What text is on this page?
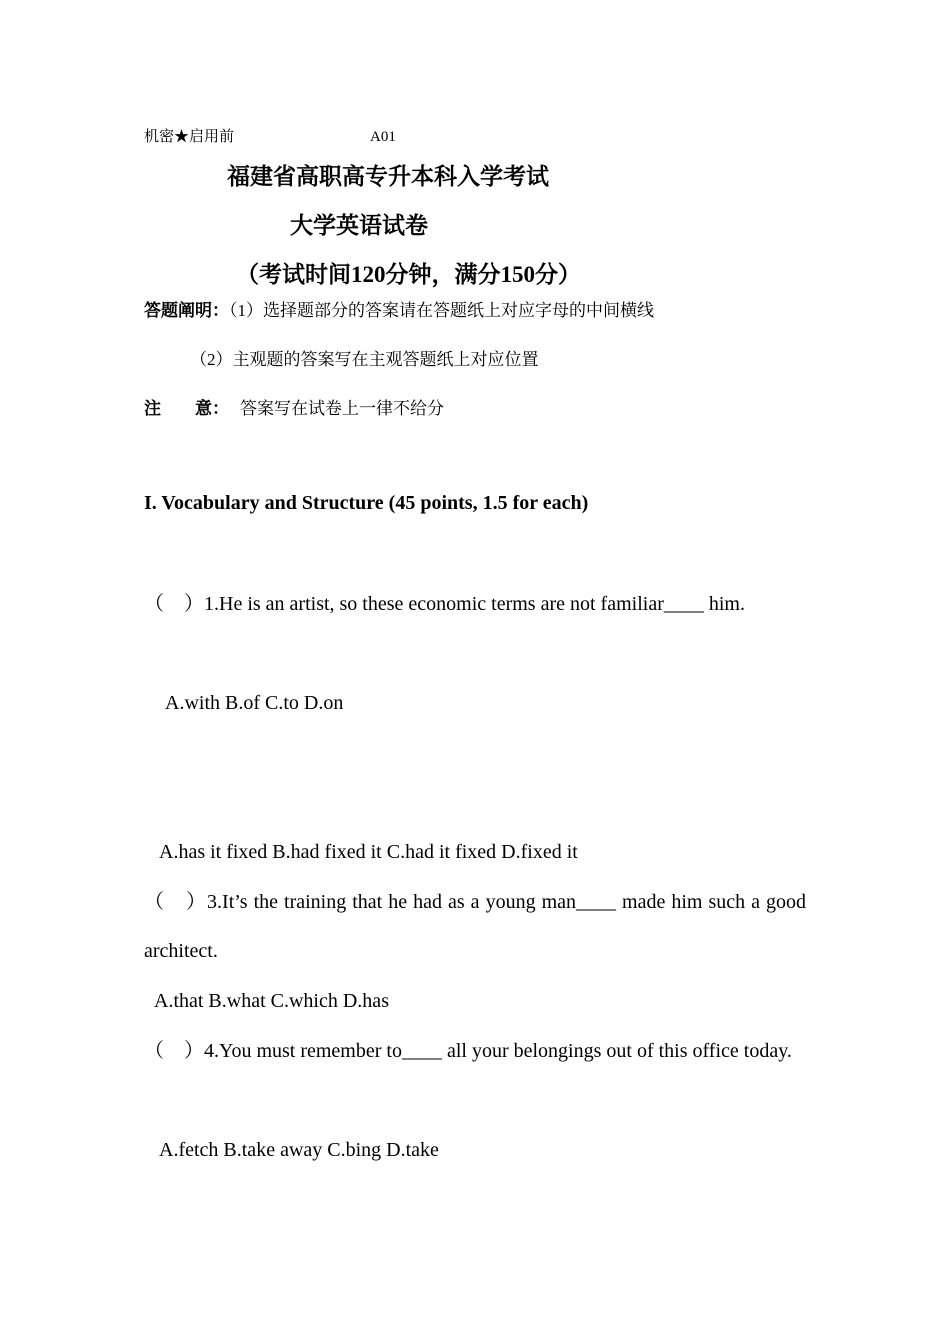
机密★启用前	A01
福建省高职高专升本科入学考试
大学英语试卷
（考试时间120分钟，满分150分）
答题阐明：（1）选择题部分的答案请在答题纸上对应字母的中间横线
（2）主观题的答案写在主观答题纸上对应位置
注　　意： 答案写在试卷上一律不给分
I. Vocabulary and Structure (45 points, 1.5 for each)
（　）1.He is an artist, so these economic terms are not familiar____ him.
A.with B.of C.to D.on
A.has it fixed B.had fixed it C.had it fixed D.fixed it
（　）3.It’s the training that he had as a young man____ made him such a good architect.
A.that B.what C.which D.has
（　）4.You must remember to____ all your belongings out of this office today.
A.fetch B.take away C.bing D.take
